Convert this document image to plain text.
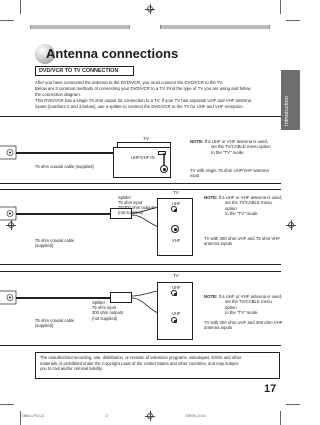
Introduction
Antenna connections
DVD/VCR TO TV CONNECTION

After you have connected the antenna to the DVD/VCR, you must connect the DVD/VCR to the TV.

Below are 3 common methods of connecting your DVD/VCR to a TV. Find the type of TV you are using and follow

the connection diagram.

This DVD/VCR has a single 75 ohm output for connection to a TV. If your TV has separate UHF and VHF antenna

inputs (numbers 2 and 3 below), use a splitter to connect the DVD/VCR to the TV for UHF and VHF reception.

TV
UHF/VHF IN
75 ohm coaxial cable (supplied)

NOTE: If a UHF or VHF antenna is used,

set the TV/CABLE menu option

to the "TV" mode.

TV with single 75 ohm UHF/VHF antenna

input

TV
UHF
VHF
Splitter
75 ohm input
75/300 ohm outputs
(not supplied)
75 ohm coaxial cable
(supplied)

NOTE: If a UHF or VHF antenna is used,

set the TV/CABLE menu option

to the "TV" mode.

TV with 300 ohm UHF and 75 ohm VHF

antenna inputs

TV
UHF
VHF
Splitter
75 ohm input
300 ohm outputs
(not supplied)
75 ohm coaxial cable
(supplied)

NOTE: If a UHF or VHF antenna is used,

set the TV/CABLE menu option

to the "TV" mode.

TV with 300 ohm UHF and 300 ohm VHF

antenna inputs

The unauthorized recording, use, distribution, or revision of television programs, videotapes, DVDs and other

materials, is prohibited under the Copyright Laws of the United States and other countries, and may subject

you to civil and/or criminal liability.

17
2B9L01 P12-21	17	7/29/06, 20:16
